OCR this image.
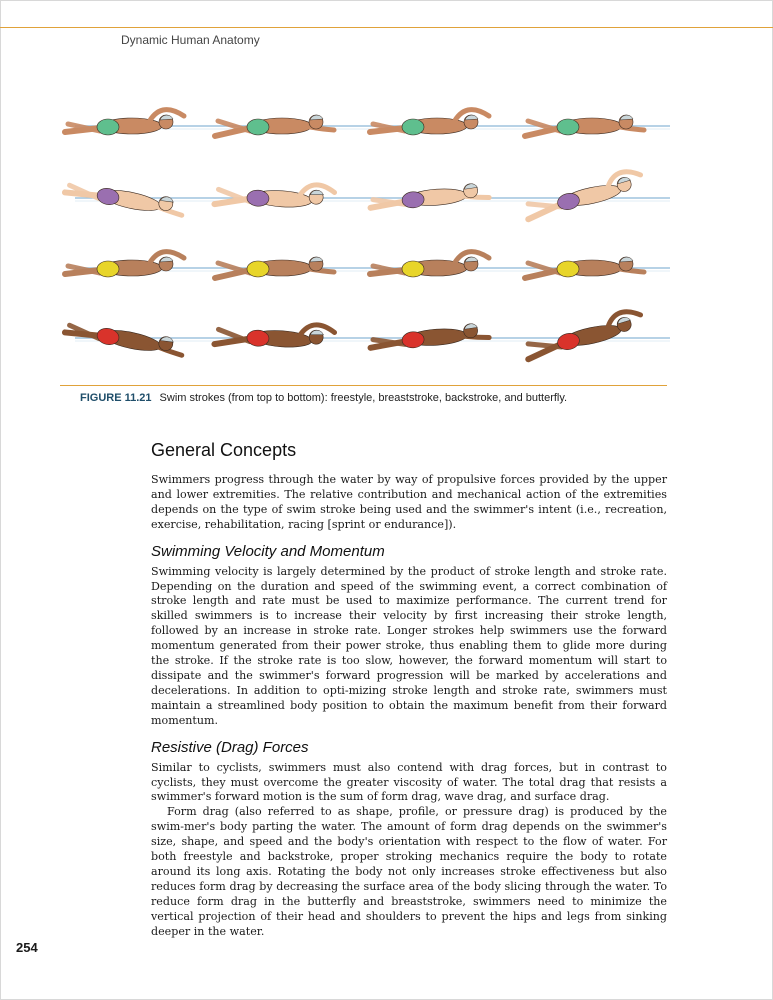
Dynamic Human Anatomy
FIGURE 11.21 Swim strokes (from top to bottom): freestyle, breaststroke, backstroke, and butterfly.
General Concepts

Swimmers progress through the water by way of propulsive forces provided by the upper and lower extremities. The relative contribution and mechanical action of the extremities depends on the type of swim stroke being used and the swimmer's intent (i.e., recreation, exercise, rehabilitation, racing [sprint or endurance]).

Swimming Velocity and Momentum

Swimming velocity is largely determined by the product of stroke length and stroke rate. Depending on the duration and speed of the swimming event, a correct combination of stroke length and rate must be used to maximize performance. The current trend for skilled swimmers is to increase their velocity by first increasing their stroke length, followed by an increase in stroke rate. Longer strokes help swimmers use the forward momentum generated from their power stroke, thus enabling them to glide more during the stroke. If the stroke rate is too slow, however, the forward momentum will start to dissipate and the swimmer's forward progression will be marked by accelerations and decelerations. In addition to opti-mizing stroke length and stroke rate, swimmers must maintain a streamlined body position to obtain the maximum benefit from their forward momentum.

Resistive (Drag) Forces

Similar to cyclists, swimmers must also contend with drag forces, but in contrast to cyclists, they must overcome the greater viscosity of water. The total drag that resists a swimmer's forward motion is the sum of form drag, wave drag, and surface drag.

Form drag (also referred to as shape, profile, or pressure drag) is produced by the swim-mer's body parting the water. The amount of form drag depends on the swimmer's size, shape, and speed and the body's orientation with respect to the flow of water. For both freestyle and backstroke, proper stroking mechanics require the body to rotate around its long axis. Rotating the body not only increases stroke effectiveness but also reduces form drag by decreasing the surface area of the body slicing through the water. To reduce form drag in the butterfly and breaststroke, swimmers need to minimize the vertical projection of their head and shoulders to prevent the hips and legs from sinking deeper in the water.

254
